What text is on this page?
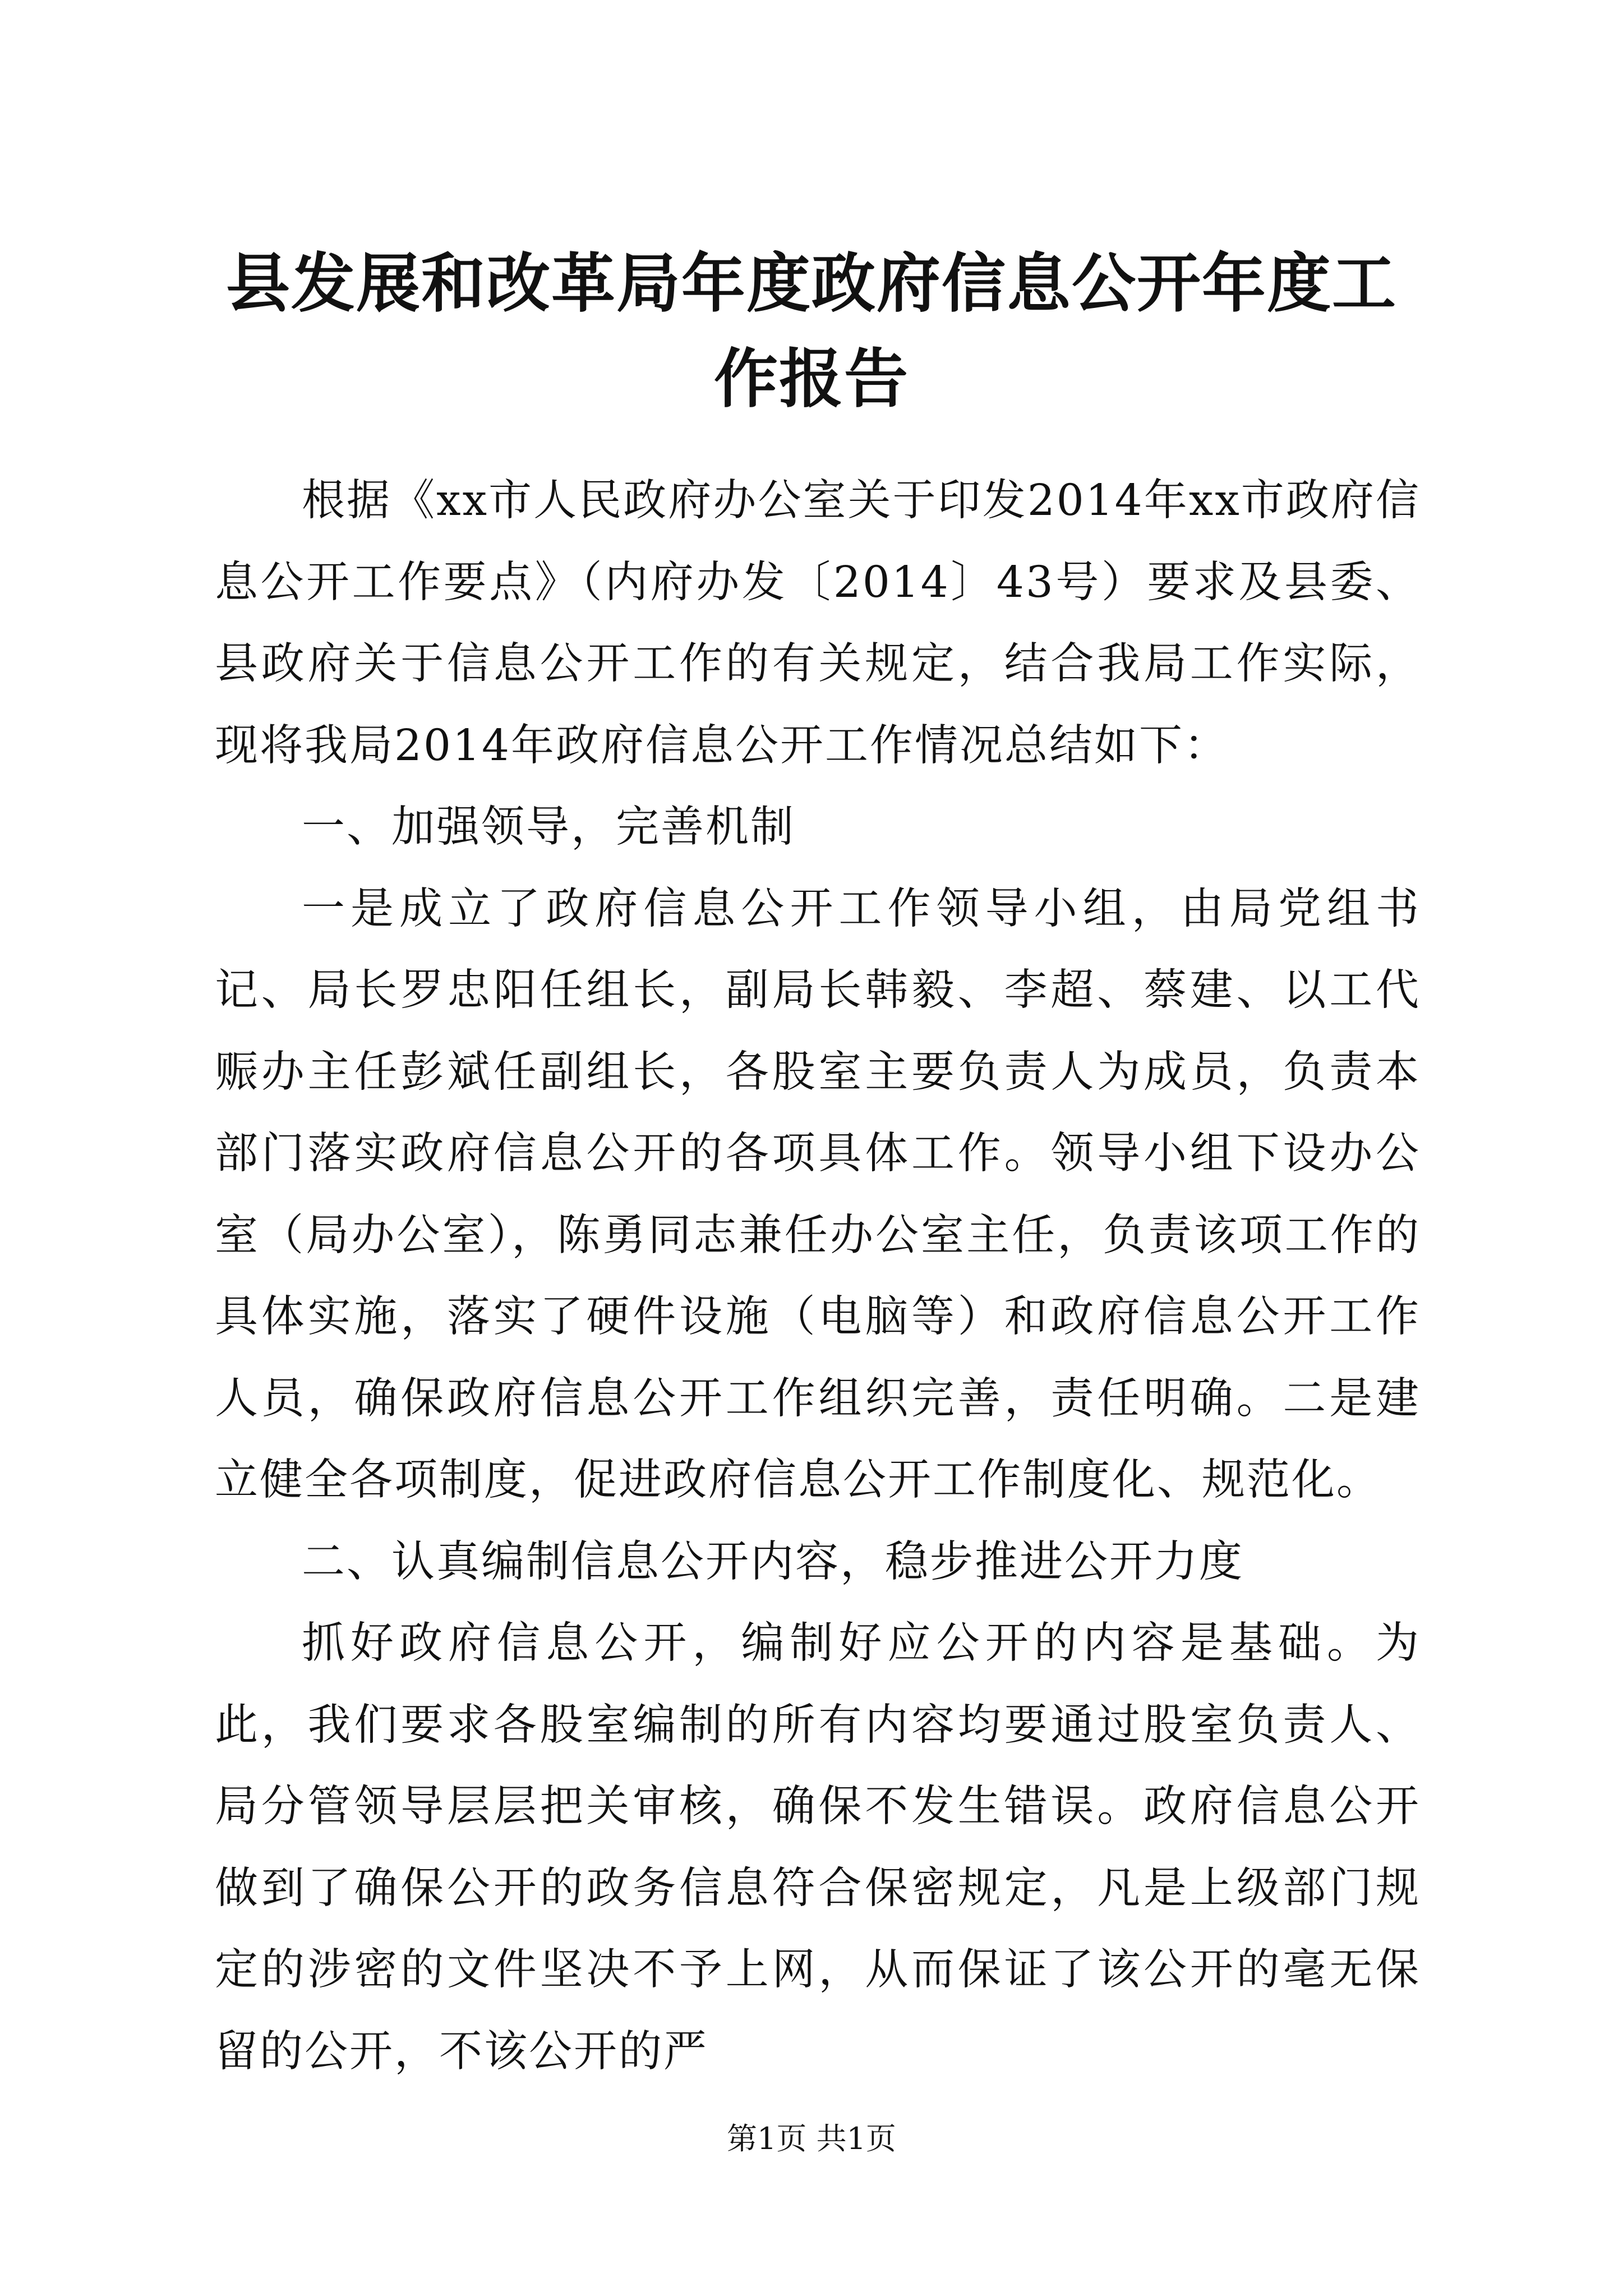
县发展和改革局年度政府信息公开年度工作报告

根据《xx市人民政府办公室关于印发2014年xx市政府信息公开工作要点》（内府办发〔2014〕43号）要求及县委、县政府关于信息公开工作的有关规定，结合我局工作实际，现将我局2014年政府信息公开工作情况总结如下：

一、加强领导，完善机制

一是成立了政府信息公开工作领导小组，由局党组书记、局长罗忠阳任组长，副局长韩毅、李超、蔡建、以工代赈办主任彭斌任副组长，各股室主要负责人为成员，负责本部门落实政府信息公开的各项具体工作。领导小组下设办公室（局办公室），陈勇同志兼任办公室主任，负责该项工作的具体实施，落实了硬件设施（电脑等）和政府信息公开工作人员，确保政府信息公开工作组织完善，责任明确。二是建立健全各项制度，促进政府信息公开工作制度化、规范化。

二、认真编制信息公开内容，稳步推进公开力度

抓好政府信息公开，编制好应公开的内容是基础。为此，我们要求各股室编制的所有内容均要通过股室负责人、局分管领导层层把关审核，确保不发生错误。政府信息公开做到了确保公开的政务信息符合保密规定，凡是上级部门规定的涉密的文件坚决不予上网，从而保证了该公开的毫无保留的公开，不该公开的严

第1页 共1页
